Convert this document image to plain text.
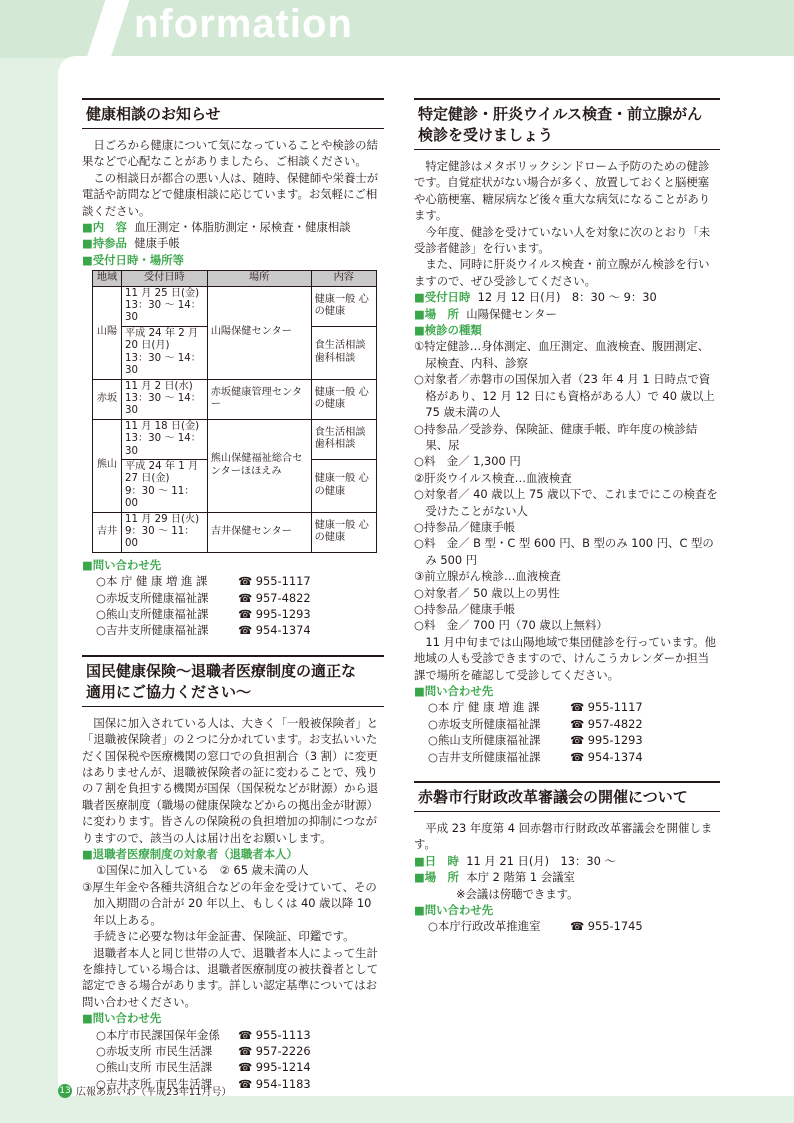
nformation
健康相談のお知らせ

日ごろから健康について気になっていることや検診の結果などで心配なことがありましたら、ご相談ください。

この相談日が都合の悪い人は、随時、保健師や栄養士が電話や訪問などで健康相談に応じています。お気軽にご相談ください。

■ 内　容
血圧測定・体脂肪測定・尿検査・健康相談
■ 持参品
健康手帳
■ 受付日時・場所等
地域	受付日時	場所	内容
山陽	11 月 25 日(金)
13：30 ～ 14：30	山陽保健センター	健康一般 心の健康

	平成 24 年 2 月 20 日(月)
13：30 ～ 14：30		食生活相談 歯科相談
赤坂	11 月 2 日(水)
13：30 ～ 14：30	赤坂健康管理センター	健康一般 心の健康
熊山	11 月 18 日(金)
13：30 ～ 14：30	熊山保健福祉総合センターほほえみ	食生活相談 歯科相談

	平成 24 年 1 月 27 日(金)
9：30 ～ 11：00		健康一般 心の健康
吉井	11 月 29 日(火)
9：30 ～ 11：00	吉井保健センター	健康一般 心の健康
■ 問い合わせ先
○ 本 庁 健 康 増 進 課	☎
955-1117
○ 赤坂支所健康福祉課	☎
957-4822
○ 熊山支所健康福祉課	☎
995-1293
○ 吉井支所健康福祉課	☎
954-1374
国民健康保険～退職者医療制度の適正な
適用にご協力ください～

国保に加入されている人は、大きく「一般被保険者」と「退職被保険者」の２つに分かれています。お支払いいただく国保税や医療機関の窓口での負担割合（3 割）に変更はありませんが、退職被保険者の証に変わることで、残りの７割を負担する機関が国保（国保税などが財源）から退職者医療制度（職場の健康保険などからの拠出金が財源）に変わります。皆さんの保険税の負担増加の抑制につながりますので、該当の人は届け出をお願いします。

■ 退職者医療制度の対象者（退職者本人）
①国保に加入している
② 65 歳未満の人

③厚生年金や各種共済組合などの年金を受けていて、その加入期間の合計が 20 年以上、もしくは 40 歳以降 10 年以上ある。

手続きに必要な物は年金証書、保険証、印鑑です。

退職者本人と同じ世帯の人で、退職者本人によって生計を維持している場合は、退職者医療制度の被扶養者として認定できる場合があります。詳しい認定基準についてはお問い合わせください。

■ 問い合わせ先
○ 本庁市民課国保年金係	☎
955-1113
○ 赤坂支所 市民生活課	☎
957-2226
○ 熊山支所 市民生活課	☎
995-1214
○ 吉井支所 市民生活課	☎
954-1183
特定健診・肝炎ウイルス検査・前立腺がん
検診を受けましょう

特定健診はメタボリックシンドローム予防のための健診です。自覚症状がない場合が多く、放置しておくと脳梗塞や心筋梗塞、糖尿病など後々重大な病気になることがあります。

今年度、健診を受けていない人を対象に次のとおり「未受診者健診」を行います。

また、同時に肝炎ウイルス検査・前立腺がん検診を行いますので、ぜひ受診してください。

■ 受付日時
12 月 12 日(月)　8：30 ～ 9：30
■ 場　所
山陽保健センター
■ 検診の種類

①特定健診…身体測定、血圧測定、血液検査、腹囲測定、尿検査、内科、診察

○対象者／赤磐市の国保加入者（23 年 4 月 1 日時点で資格があり、12 月 12 日にも資格がある人）で 40 歳以上 75 歳未満の人

○持参品／受診券、保険証、健康手帳、昨年度の検診結果、尿

○料　金／ 1,300 円

②肝炎ウイルス検査…血液検査

○対象者／ 40 歳以上 75 歳以下で、これまでにこの検査を受けたことがない人

○持参品／健康手帳

○料　金／ B 型・C 型 600 円、B 型のみ 100 円、C 型のみ 500 円

③前立腺がん検診…血液検査

○対象者／ 50 歳以上の男性

○持参品／健康手帳

○料　金／ 700 円（70 歳以上無料）

11 月中旬までは山陽地域で集団健診を行っています。他地域の人も受診できますので、けんこうカレンダーか担当課で場所を確認して受診してください。

■ 問い合わせ先
○ 本 庁 健 康 増 進 課	☎
955-1117
○ 赤坂支所健康福祉課	☎
957-4822
○ 熊山支所健康福祉課	☎
995-1293
○ 吉井支所健康福祉課	☎
954-1374
赤磐市行財政改革審議会の開催について

平成 23 年度第 4 回赤磐市行財政改革審議会を開催します。

■ 日　時
11 月 21 日(月)　13：30 ～
■ 場　所
本庁 2 階第 1 会議室

※会議は傍聴できます。

■ 問い合わせ先
○ 本庁行政改革推進室	☎
955-1745
13 広報あかいわ（平成23年11月号）
